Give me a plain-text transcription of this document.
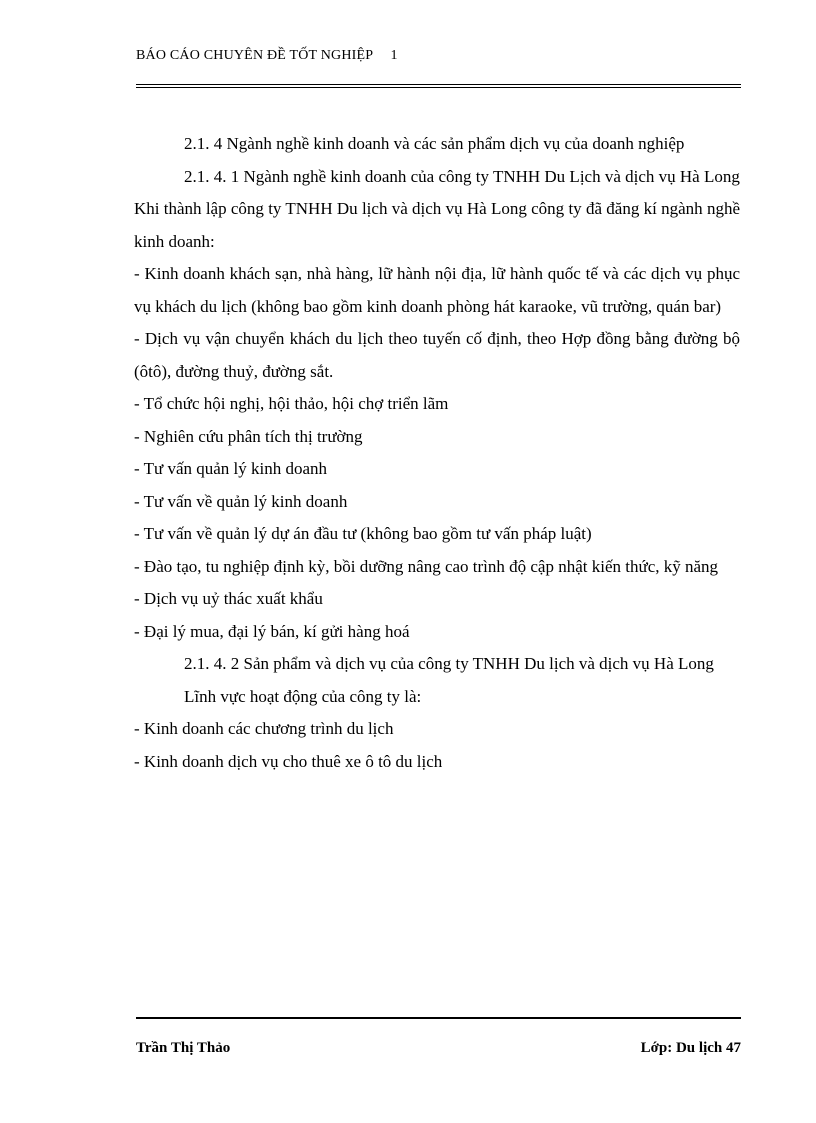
BÁO CÁO CHUYÊN ĐỀ TỐT NGHIỆP 1

2.1. 4 Ngành nghề kinh doanh và các sản phẩm dịch vụ của doanh nghiệp

2.1. 4. 1 Ngành nghề kinh doanh của công ty TNHH Du Lịch và dịch vụ Hà Long

Khi thành lập công ty TNHH Du lịch và dịch vụ Hà Long công ty đã đăng kí ngành nghề kinh doanh:

- Kinh doanh khách sạn, nhà hàng, lữ hành nội địa, lữ hành quốc tế và các dịch vụ phục vụ khách du lịch (không bao gồm kinh doanh phòng hát karaoke, vũ trường, quán bar)

- Dịch vụ vận chuyển khách du lịch theo tuyến cố định, theo Hợp đồng bằng đường bộ (ôtô), đường thuỷ, đường sắt.

- Tổ chức hội nghị, hội thảo, hội chợ triển lãm

- Nghiên cứu phân tích thị trường

- Tư vấn quản lý kinh doanh

- Tư vấn về quản lý kinh doanh

- Tư vấn về quản lý dự án đầu tư (không bao gồm tư vấn pháp luật)

- Đào tạo, tu nghiệp định kỳ, bồi dưỡng nâng cao trình độ cập nhật kiến thức, kỹ năng

- Dịch vụ uỷ thác xuất khẩu

- Đại lý mua, đại lý bán, kí gửi hàng hoá

2.1. 4. 2 Sản phẩm và dịch vụ của công ty TNHH Du lịch và dịch vụ Hà Long

Lĩnh vực hoạt động của công ty là:

- Kinh doanh các chương trình du lịch

- Kinh doanh dịch vụ cho thuê xe ô tô du lịch

Trần Thị Thảo	Lớp: Du lịch 47
